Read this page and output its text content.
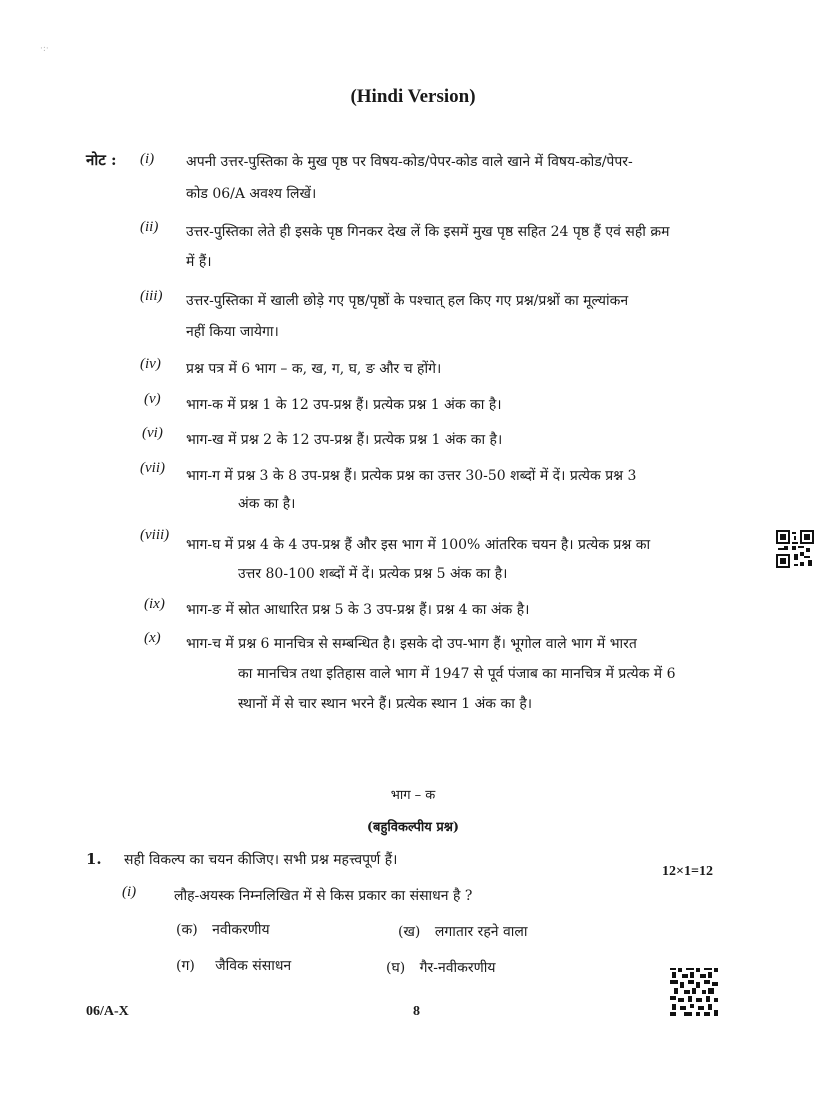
·:·
(Hindi Version)
नोट : (i) अपनी उत्तर-पुस्तिका के मुख पृष्ठ पर विषय-कोड/पेपर-कोड वाले खाने में विषय-कोड/पेपर-
कोड 06/A अवश्य लिखें।
(ii) उत्तर-पुस्तिका लेते ही इसके पृष्ठ गिनकर देख लें कि इसमें मुख पृष्ठ सहित 24 पृष्ठ हैं एवं सही क्रम
में हैं।
(iii) उत्तर-पुस्तिका में खाली छोड़े गए पृष्ठ/पृष्ठों के पश्चात् हल किए गए प्रश्न/प्रश्नों का मूल्यांकन
नहीं किया जायेगा।
(iv) प्रश्न पत्र में 6 भाग – क, ख, ग, घ, ङ और च होंगे।
(v) भाग-क में प्रश्न 1 के 12 उप-प्रश्न हैं। प्रत्येक प्रश्न 1 अंक का है।
(vi) भाग-ख में प्रश्न 2 के 12 उप-प्रश्न हैं। प्रत्येक प्रश्न 1 अंक का है।
(vii) भाग-ग में प्रश्न 3 के 8 उप-प्रश्न हैं। प्रत्येक प्रश्न का उत्तर 30-50 शब्दों में दें। प्रत्येक प्रश्न 3
अंक का है।
(viii)
भाग-घ में प्रश्न 4 के 4 उप-प्रश्न हैं और इस भाग में 100% आंतरिक चयन है। प्रत्येक प्रश्न का
उत्तर 80-100 शब्दों में दें। प्रत्येक प्रश्न 5 अंक का है।
(ix) भाग-ङ में स्रोत आधारित प्रश्न 5 के 3 उप-प्रश्न हैं। प्रश्न 4 का अंक है।
(x) भाग-च में प्रश्न 6 मानचित्र से सम्बन्धित है। इसके दो उप-भाग हैं। भूगोल वाले भाग में भारत
का मानचित्र तथा इतिहास वाले भाग में 1947 से पूर्व पंजाब का मानचित्र में प्रत्येक में 6
स्थानों में से चार स्थान भरने हैं। प्रत्येक स्थान 1 अंक का है।
भाग – क
(बहुविकल्पीय प्रश्न)
1. सही विकल्प का चयन कीजिए। सभी प्रश्न महत्त्वपूर्ण हैं।
12×1=12
(i)	लौह-अयस्क निम्नलिखित में से किस प्रकार का संसाधन है ?
(क) नवीकरणीय	(ख) लगातार रहने वाला
(ग) जैविक संसाधन	(घ) गैर-नवीकरणीय
06/A-X	8
